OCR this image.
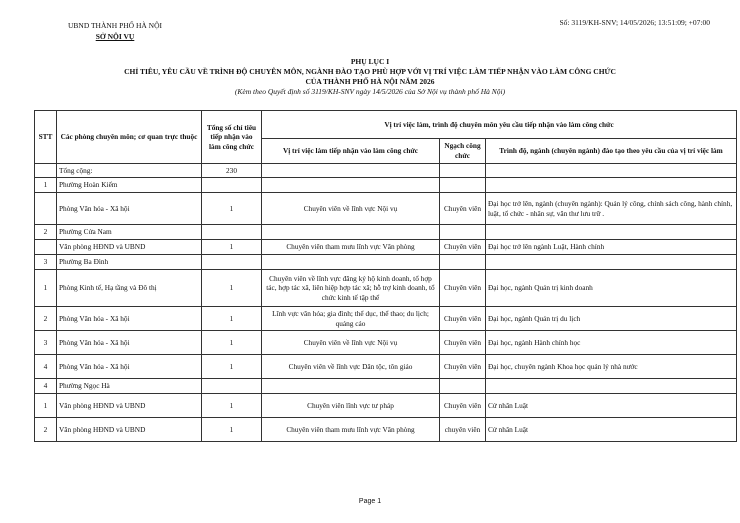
UBND THÀNH PHỐ HÀ NỘI
SỞ NỘI VỤ
Số: 3119/KH-SNV; 14/05/2026; 13:51:09; +07:00
PHỤ LỤC I
CHỈ TIÊU, YÊU CẦU VỀ TRÌNH ĐỘ CHUYÊN MÔN, NGÀNH ĐÀO TẠO PHÙ HỢP VỚI VỊ TRÍ VIỆC LÀM TIẾP NHẬN VÀO LÀM CÔNG CHỨC
CỦA THÀNH PHỐ HÀ NỘI NĂM 2026
(Kèm theo Quyết định số 3119/KH-SNV ngày 14/5/2026 của Sở Nội vụ thành phố Hà Nội)
STT	Các phòng chuyên môn; cơ quan trực thuộc	Tổng số chỉ tiêu tiếp nhận vào làm công chức	Vị trí việc làm, trình độ chuyên môn yêu cầu tiếp nhận vào làm công chức		
			Vị trí việc làm tiếp nhận vào làm công chức	Ngạch công chức	Trình độ, ngành (chuyên ngành) đào tạo theo yêu cầu của vị trí việc làm
	Tổng cộng:	230			
1	Phường Hoàn Kiếm				
	Phòng Văn hóa - Xã hội	1	Chuyên viên về lĩnh vực Nội vụ	Chuyên viên	Đại học trở lên, ngành (chuyên ngành): Quản lý công, chính sách công, hành chính, luật, tổ chức - nhân sự, văn thư lưu trữ .
2	Phường Cửa Nam				
	Văn phòng HĐND và UBND	1	Chuyên viên tham mưu lĩnh vực Văn phòng	Chuyên viên	Đại học trở lên ngành Luật, Hành chính
3	Phường Ba Đình				
1	Phòng Kinh tế, Hạ tầng và Đô thị	1	Chuyên viên về lĩnh vực đăng ký hộ kinh doanh, tổ hợp tác, hợp tác xã, liên hiệp hợp tác xã; hỗ trợ kinh doanh, tổ chức kinh tế tập thể	Chuyên viên	Đại học, ngành Quản trị kinh doanh
2	Phòng Văn hóa - Xã hội	1	Lĩnh vực văn hóa; gia đình; thể dục, thể thao; du lịch; quảng cáo	Chuyên viên	Đại học, ngành Quản trị du lịch
3	Phòng Văn hóa - Xã hội	1	Chuyên viên về lĩnh vực Nội vụ	Chuyên viên	Đại học, ngành Hành chính học
4	Phòng Văn hóa - Xã hội	1	Chuyên viên về lĩnh vực Dân tộc, tôn giáo	Chuyên viên	Đại học, chuyên ngành Khoa học quản lý nhà nước
4	Phường Ngọc Hà				
1	Văn phòng HĐND và UBND	1	Chuyên viên lĩnh vực tư pháp	Chuyên viên	Cử nhân Luật
2	Văn phòng HĐND và UBND	1	Chuyên viên tham mưu lĩnh vực Văn phòng	chuyên viên	Cử nhân Luật
Page 1
